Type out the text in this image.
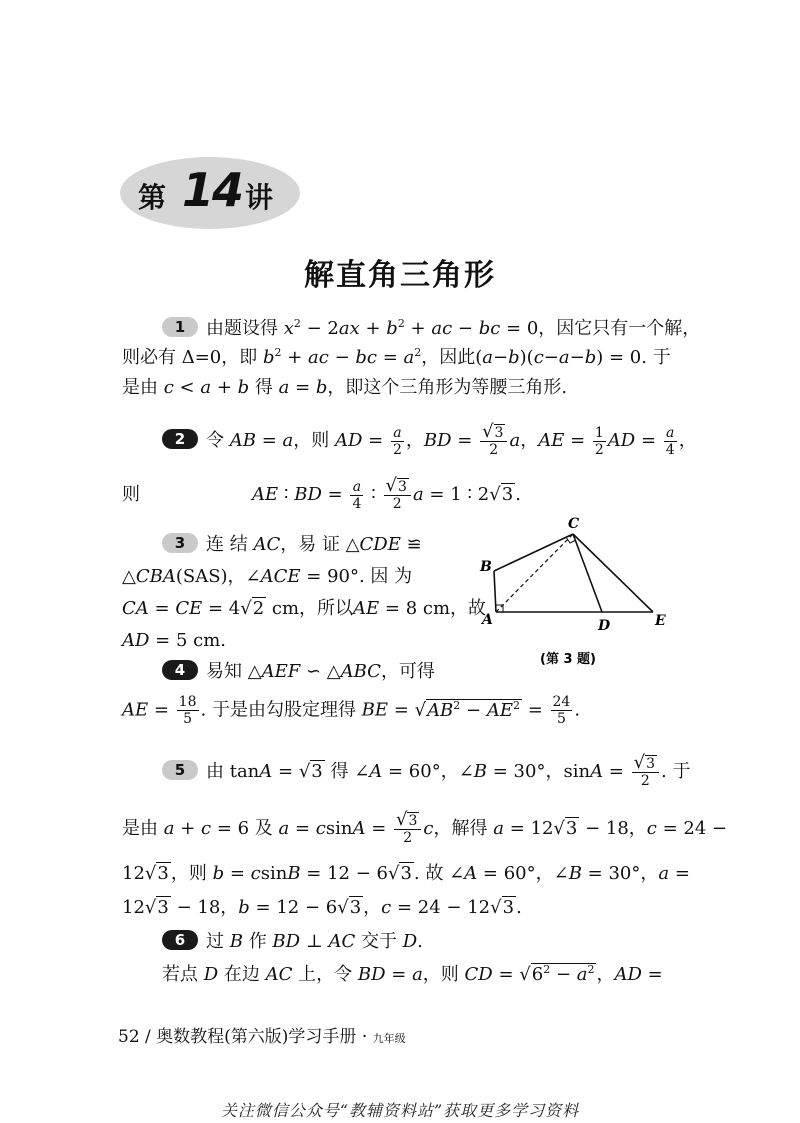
第 14 讲
解直角三角形
1 由题设得 $x^2 - 2ax + b^2$ + ac − bc = 0，因它只有一个解，
则必有 Δ=0，即 $b^2$ + ac − bc = $a^2$，因此(a−b)(c−a−b) = 0. 于
是由 c < a + b 得 a = b，即这个三角形为等腰三角形.
2 令 AB = a，则 AD = $\frac{a}{2}$ ，BD = $\frac{√3}{2}$ a，AE = $\frac{1}{2}$ AD = $\frac{a}{4}$ ，
则	AE ∶ BD = $\frac{a}{4}$ ∶ $\frac{√3}{2}$ a = 1 ∶ 2√3 .
3 连 结 AC，易 证 △CDE ≌
△CBA(SAS)，∠ACE = 90°. 因 为
CA = CE = 4√2 cm，所以AE = 8 cm，故
AD = 5 cm.
C
B
A	D	E
(第 3 题)
4 易知 △AEF ∽ △ABC，可得
AE = $\frac{18}{5}$ . 于是由勾股定理得 BE = $√AB^2 - AE^2 = \frac{24}{5}$ .
5 由 tanA = √3 得 ∠A = 60°，∠B = 30°，$\sin A = \frac{√3}{2}$ . 于
是由 a + c = 6 及 $a = csinA = \frac{√3}{2}$ c，解得 a = 12√3 − 18，c = 24 −
12√3 ，则 b = csinB = 12 − 6√3 . 故 ∠A = 60°，∠B = 30°，a =
12√3 − 18，b = 12 − 6√3 ，c = 24 − 12√3 .
6 过 B 作 BD ⊥ AC 交于 D.
若点 D 在边 AC 上，令 BD = a，则 CD = $√6^2 - a^2$ ，AD =
52 / 奥数教程(第六版)学习手册 · 九年级
关注微信公众号“教辅资料站”获取更多学习资料
